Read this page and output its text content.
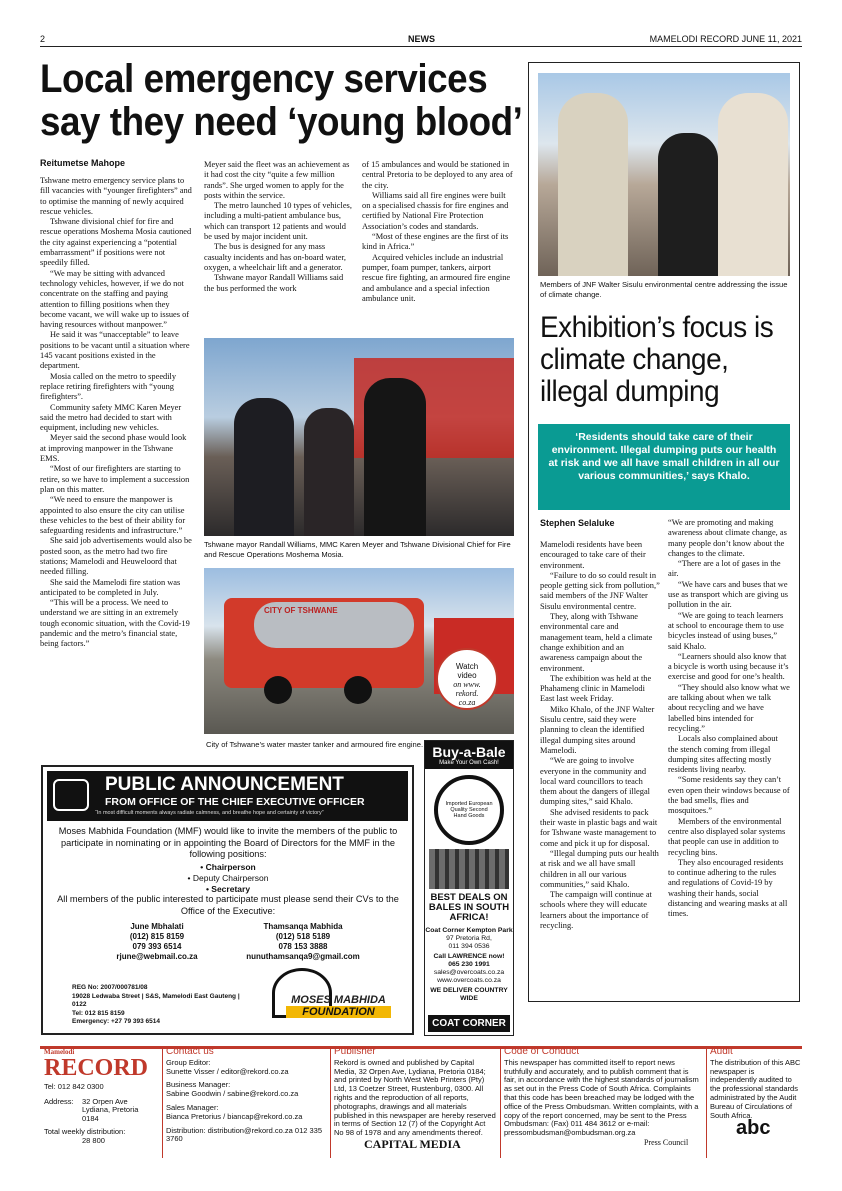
2	NEWS	MAMELODI RECORD JUNE 11, 2021
Local emergency services
say they need ‘young blood’
Reitumetse Mahope

Tshwane metro emergency service plans to fill vacancies with “younger firefighters” and to optimise the manning of newly acquired rescue vehicles.

Tshwane divisional chief for fire and rescue operations Moshema Mosia cautioned the city against experiencing a “potential embarrassment” if positions were not speedily filled.

“We may be sitting with advanced technology vehicles, however, if we do not concentrate on the staffing and paying attention to filling positions when they become vacant, we will wake up to issues of having resources without manpower.”

He said it was “unacceptable” to leave positions to be vacant until a situation where 145 vacant positions existed in the department.

Mosia called on the metro to speedily replace retiring firefighters with “young firefighters”.

Community safety MMC Karen Meyer said the metro had decided to start with equipment, including new vehicles.

Meyer said the second phase would look at improving manpower in the Tshwane EMS.

“Most of our firefighters are starting to retire, so we have to implement a succession plan on this matter.

“We need to ensure the manpower is appointed to also ensure the city can utilise these vehicles to the best of their ability for safeguarding residents and infrastructure.”

She said job advertisements would also be posted soon, as the metro had two fire stations; Mamelodi and Heuweloord that needed filling.

She said the Mamelodi fire station was anticipated to be completed in July.

“This will be a process. We need to understand we are sitting in an extremely tough economic situation, with the Covid-19 pandemic and the metro’s financial state, being factors.”

Meyer said the fleet was an achievement as it had cost the city “quite a few million rands”. She urged women to apply for the posts within the service.

The metro launched 10 types of vehicles, including a multi-patient ambulance bus, which can transport 12 patients and would be used by major incident unit.

The bus is designed for any mass casualty incidents and has on-board water, oxygen, a wheelchair lift and a generator.

Tshwane mayor Randall Williams said the bus performed the work

of 15 ambulances and would be stationed in central Pretoria to be deployed to any area of the city.

Williams said all fire engines were built on a specialised chassis for fire engines and certified by National Fire Protection Association’s codes and standards.

“Most of these engines are the first of its kind in Africa.”

Acquired vehicles include an industrial pumper, foam pumper, tankers, airport rescue fire fighting, an armoured fire engine and ambulance and a special infection ambulance unit.

Tshwane mayor Randall Williams, MMC Karen Meyer and Tshwane Divisional Chief for Fire and Rescue Operations Moshema Mosia.
CITY OF TSHWANE
Watch
video
on www.
rekord.
co.za
City of Tshwane’s water master tanker and armoured fire engine.
Members of JNF Walter Sisulu environmental centre addressing the issue of climate change.
Exhibition’s focus is climate change, illegal dumping
‘Residents should take care of their environment. Illegal dumping puts our health at risk and we all have small children in all our various communities,’ says Khalo.
Stephen Selaluke

Mamelodi residents have been encouraged to take care of their environment.

“Failure to do so could result in people getting sick from pollution,” said members of the JNF Walter Sisulu environmental centre.

They, along with Tshwane environmental care and management team, held a climate change exhibition and an awareness campaign about the environment.

The exhibition was held at the Phahameng clinic in Mamelodi East last week Friday.

Miko Khalo, of the JNF Walter Sisulu centre, said they were planning to clean the identified illegal dumping sites around Mamelodi.

“We are going to involve everyone in the community and local ward councillors to teach them about the dangers of illegal dumping sites,” said Khalo.

She advised residents to pack their waste in plastic bags and wait for Tshwane waste management to come and pick it up for disposal.

“Illegal dumping puts our health at risk and we all have small children in all our various communities,” said Khalo.

The campaign will continue at schools where they will educate learners about the importance of recycling.

“We are promoting and making awareness about climate change, as many people don’t know about the changes to the climate.

“There are a lot of gases in the air.

“We have cars and buses that we use as transport which are giving us pollution in the air.

“We are going to teach learners at school to encourage them to use bicycles instead of using buses,” said Khalo.

“Learners should also know that a bicycle is worth using because it’s exercise and good for one’s health.

“They should also know what we are talking about when we talk about recycling and we have labelled bins intended for recycling.”

Locals also complained about the stench coming from illegal dumping sites affecting mostly residents living nearby.

“Some residents say they can’t even open their windows because of the bad smells, flies and mosquitoes.”

Members of the environmental centre also displayed solar systems that people can use in addition to recycling bins.

They also encouraged residents to continue adhering to the rules and regulations of Covid-19 by washing their hands, social distancing and wearing masks at all times.

PUBLIC ANNOUNCEMENT
FROM OFFICE OF THE CHIEF EXECUTIVE OFFICER
“In most difficult moments always radiate calmness, and breathe hope and certainty of victory”
Moses Mabhida Foundation (MMF) would like to invite the members of the public to participate in nominating or in appointing the Board of Directors for the MMF in the following positions:
• Chairperson
• Deputy Chairperson
• Secretary
All members of the public interested to participate must please send their CVs to the Office of the Executive:
June Mbhalati
(012) 815 8159
079 393 6514
rjune@webmail.co.za
Thamsanqa Mabhida
(012) 518 5189
078 153 3888
nunuthamsanqa9@gmail.com
REG No: 2007/000781/08
19028 Ledwaba Street | S&S, Mamelodi East Gauteng | 0122
Tel: 012 815 8159
Emergency: +27 79 393 6514
MOSES MABHIDA
FOUNDATION
Buy-a-Bale
Make Your Own Cash!
Imported European Quality Second Hand Goods
BEST DEALS ON BALES IN SOUTH AFRICA!
Coat Corner Kempton Park
97 Pretoria Rd,
011 394 0536
Call LAWRENCE now!
065 230 1991
sales@overcoats.co.za
www.overcoats.co.za
WE DELIVER COUNTRY WIDE
COAT CORNER
Mamelodi
RECORD
Tel: 012 842 0300
Address:	32 Orpen Ave
Lydiana, Pretoria
0184
Total weekly distribution:
28 800
Contact us
Group Editor:
Sunette Visser / editor@rekord.co.za
Business Manager:
Sabine Goodwin / sabine@rekord.co.za
Sales Manager:
Bianca Pretorius / biancap@rekord.co.za
Distribution: distribution@rekord.co.za 012 335 3760
Publisher
Rekord is owned and published by Capital Media, 32 Orpen Ave, Lydiana, Pretoria 0184; and printed by North West Web Printers (Pty) Ltd, 13 Coetzer Street, Rustenburg, 0300. All rights and the reproduction of all reports, photographs, drawings and all materials published in this newspaper are hereby reserved in terms of Section 12 (7) of the Copyright Act No 98 of 1978 and any amendments thereof.
CAPITAL MEDIA
Code of Conduct
This newspaper has committed itself to report news truthfully and accurately, and to publish comment that is fair, in accordance with the highest standards of journalism as set out in the Press Code of South Africa. Complaints that this code has been breached may be lodged with the office of the Press Ombudsman. Written complaints, with a copy of the report concerned, may be sent to the Press Ombudsman: (Fax) 011 484 3612 or e-mail: pressombudsman@ombudsman.org.za
Press Council
Audit
The distribution of this ABC newspaper is independently audited to the professional standards administrated by the Audit Bureau of Circulations of South Africa.
abc
